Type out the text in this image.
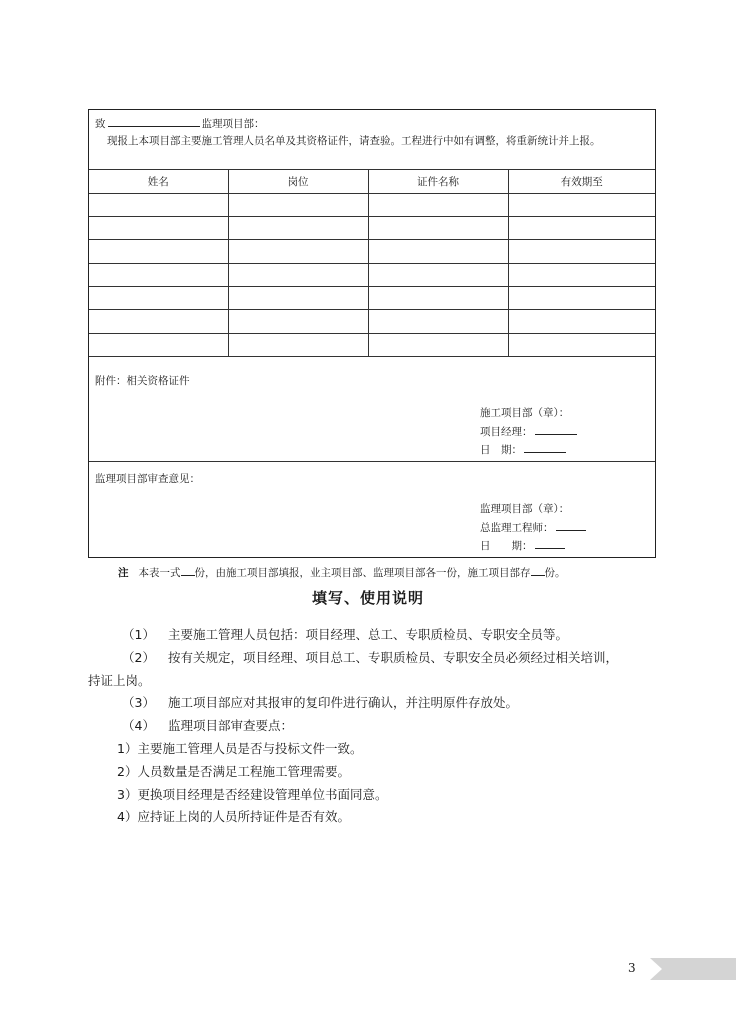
致	监理项目部：
现报上本项目部主要施工管理人员名单及其资格证件，请查验。工程进行中如有调整，将重新统计并上报。
姓名	岗位	证件名称	有效期至

附件：相关资格证件
施工项目部（章）：
项目经理：
日　期：
监理项目部审查意见：
监理项目部（章）：
总监理工程师：
日　　期：
注 本表一式 份，由施工项目部填报，业主项目部、监理项目部各一份，施工项目部存 份。
填写、使用说明
（1） 主要施工管理人员包括：项目经理、总工、专职质检员、专职安全员等。
（2） 按有关规定，项目经理、项目总工、专职质检员、专职安全员必须经过相关培训，
持证上岗。
（3） 施工项目部应对其报审的复印件进行确认，并注明原件存放处。
（4） 监理项目部审查要点：
1）主要施工管理人员是否与投标文件一致。
2）人员数量是否满足工程施工管理需要。
3）更换项目经理是否经建设管理单位书面同意。
4）应持证上岗的人员所持证件是否有效。
3
